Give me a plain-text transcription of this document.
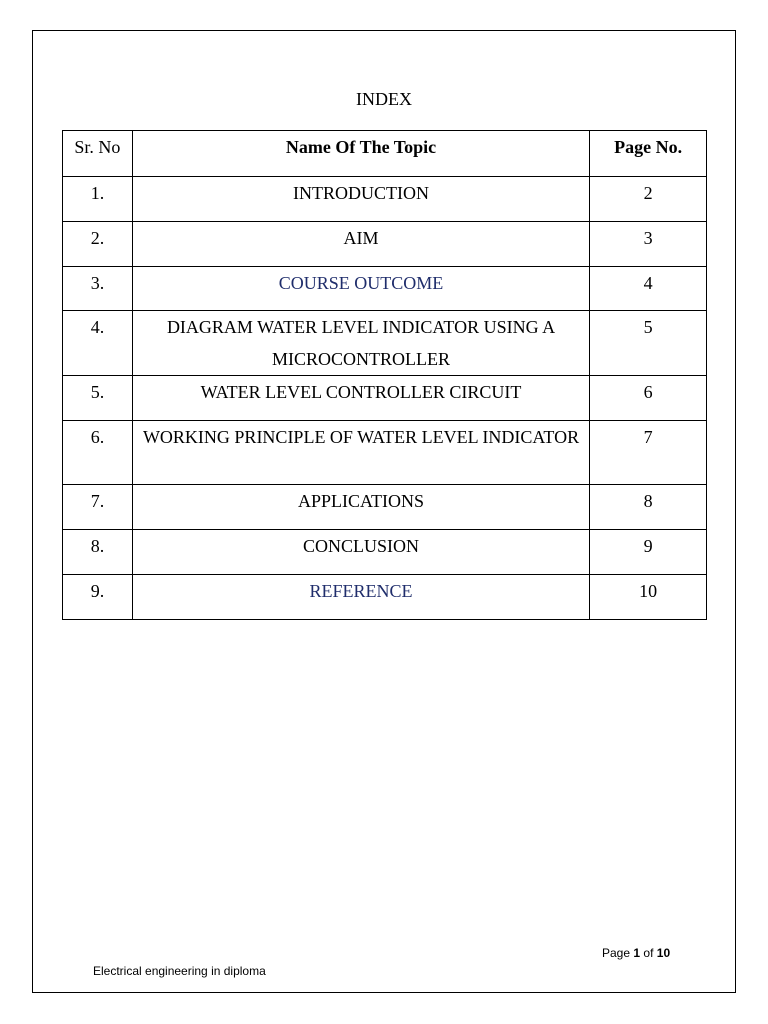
INDEX
Sr. No	Name Of The Topic	Page No.
1.	INTRODUCTION	2
2.	AIM	3
3.	COURSE OUTCOME	4
4.	DIAGRAM WATER LEVEL INDICATOR USING A MICROCONTROLLER	5
5.	WATER LEVEL CONTROLLER CIRCUIT	6
6.	WORKING PRINCIPLE OF WATER LEVEL INDICATOR	7
7.	APPLICATIONS	8
8.	CONCLUSION	9
9.	REFERENCE	10
Page 1 of 10
Electrical engineering in diploma
